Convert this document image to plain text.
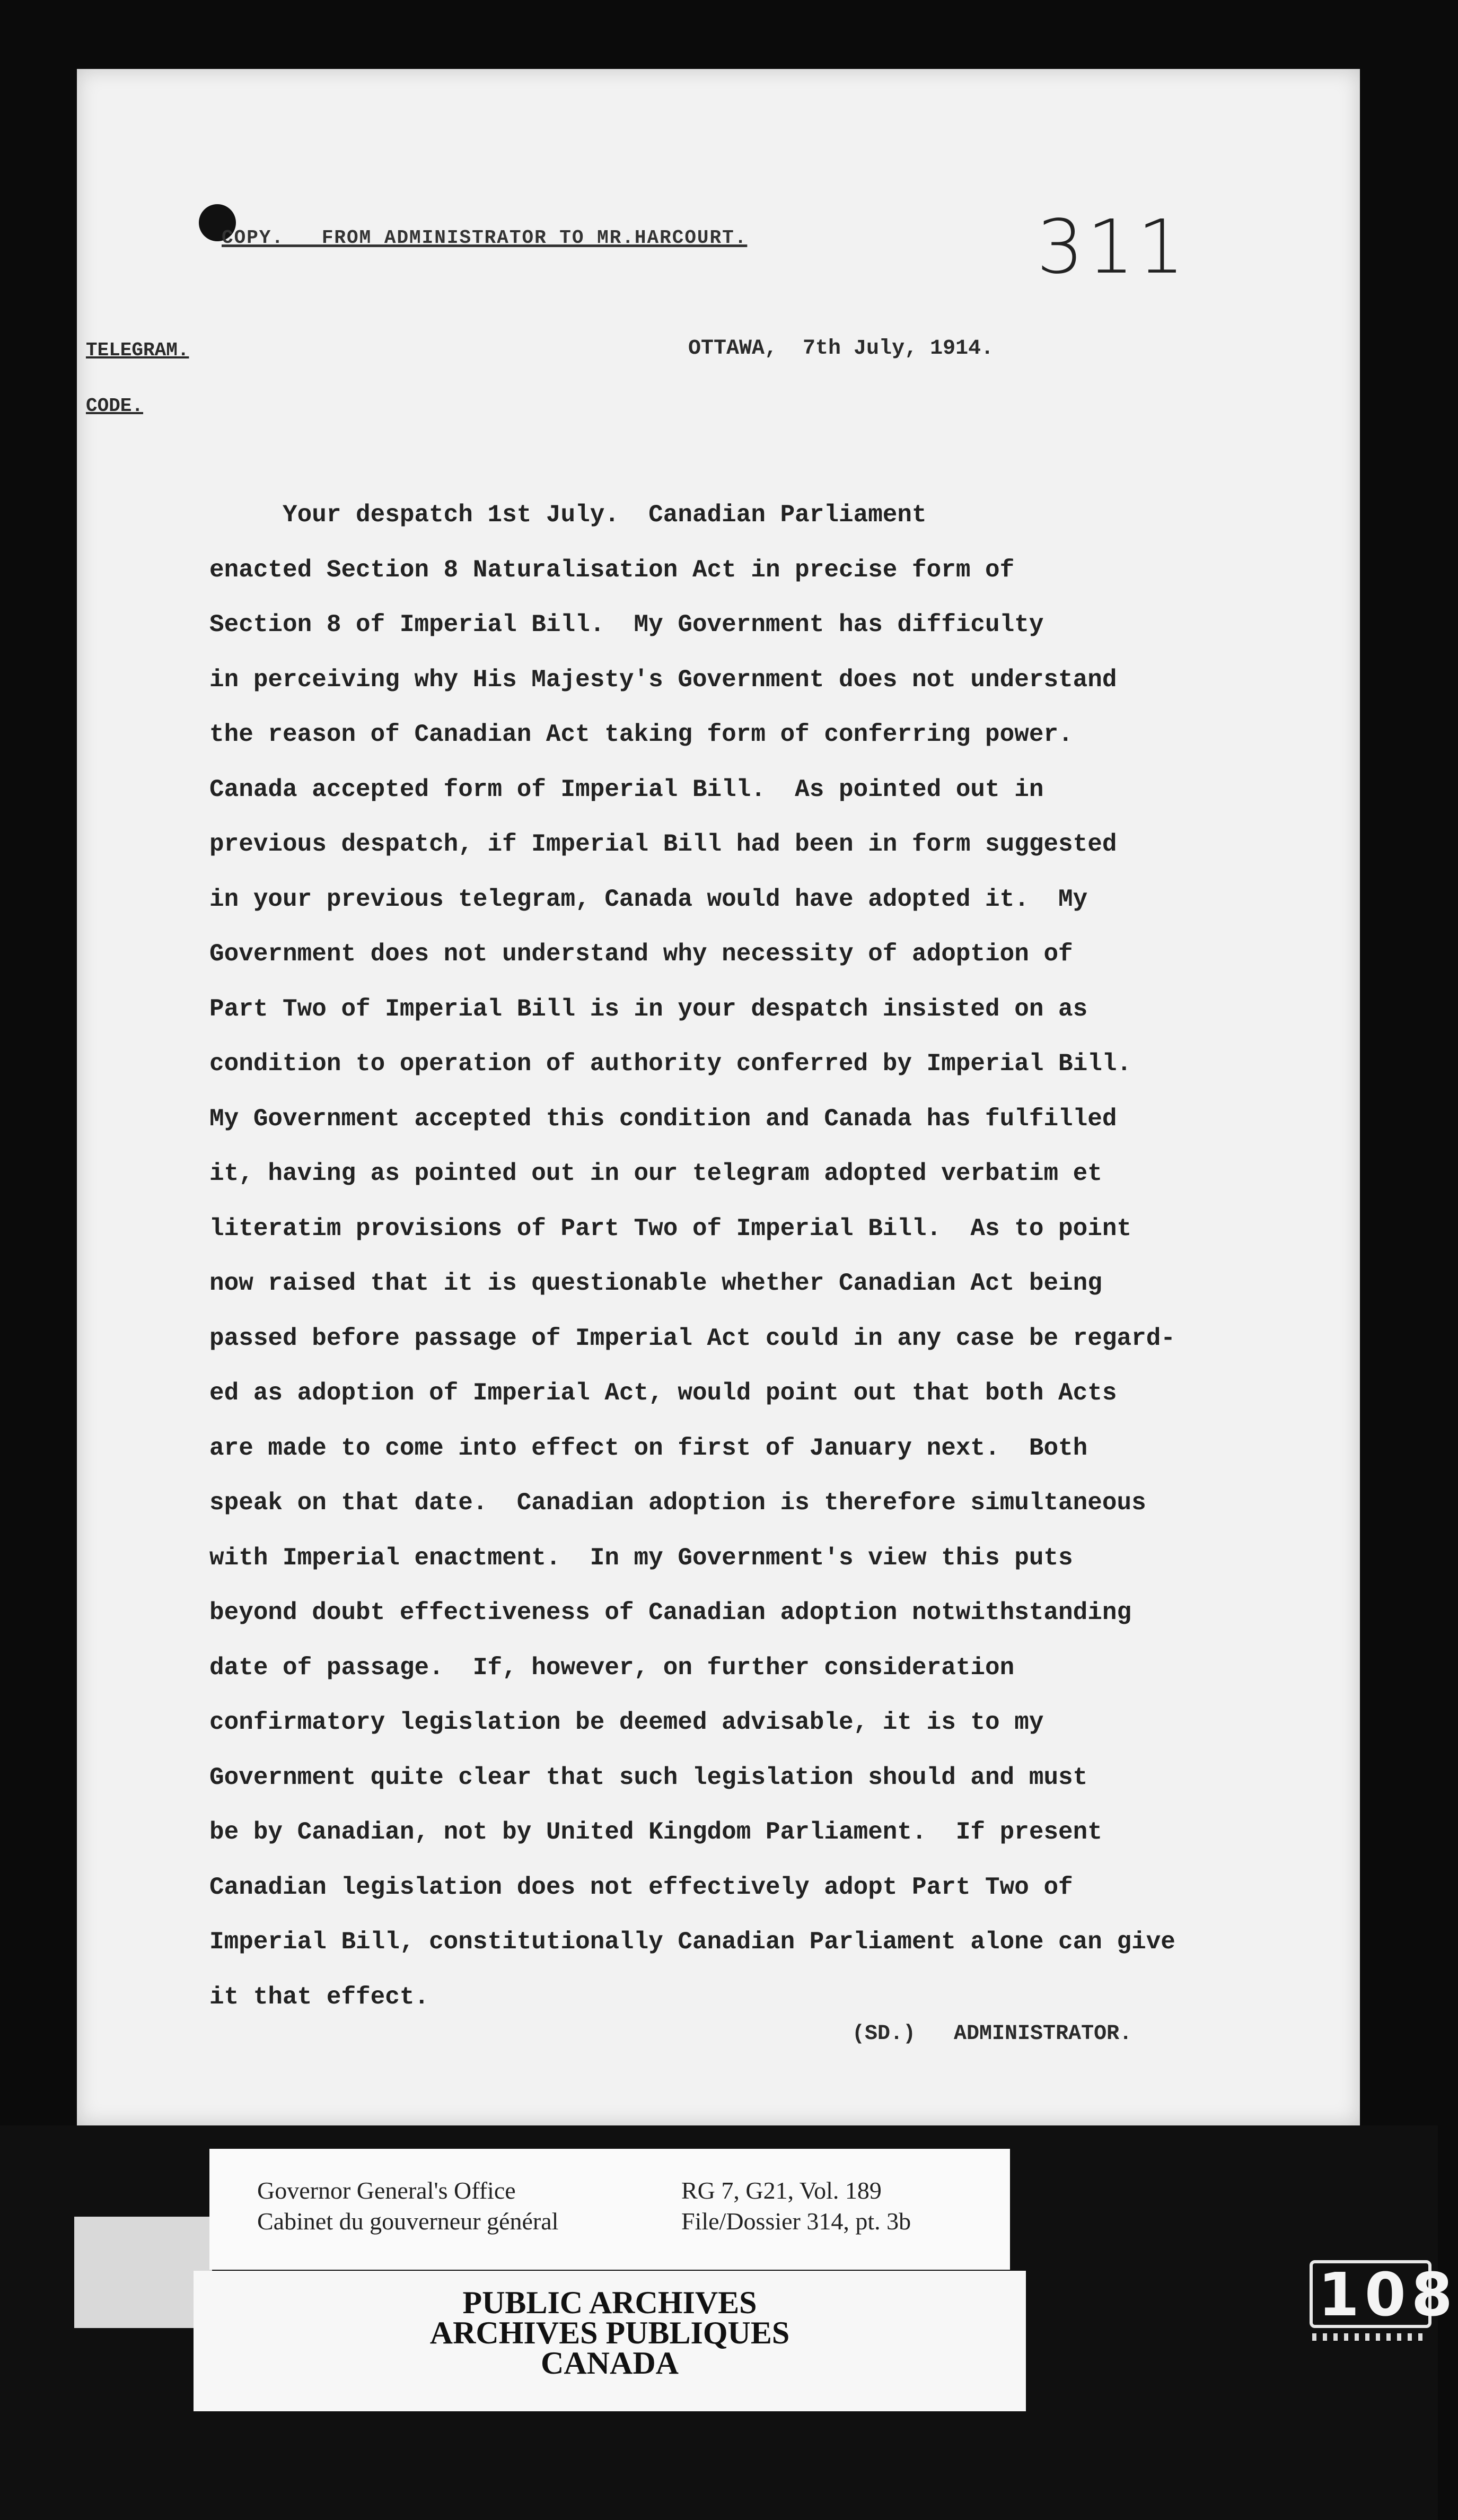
COPY.   FROM ADMINISTRATOR TO MR.HARCOURT.	311
TELEGRAM.
CODE.
OTTAWA,  7th July, 1914.
Your despatch 1st July.  Canadian Parliament
enacted Section 8 Naturalisation Act in precise form of
Section 8 of Imperial Bill.  My Government has difficulty
in perceiving why His Majesty's Government does not understand
the reason of Canadian Act taking form of conferring power.
Canada accepted form of Imperial Bill.  As pointed out in
previous despatch, if Imperial Bill had been in form suggested
in your previous telegram, Canada would have adopted it.  My
Government does not understand why necessity of adoption of
Part Two of Imperial Bill is in your despatch insisted on as
condition to operation of authority conferred by Imperial Bill.
My Government accepted this condition and Canada has fulfilled
it, having as pointed out in our telegram adopted verbatim et
literatim provisions of Part Two of Imperial Bill.  As to point
now raised that it is questionable whether Canadian Act being
passed before passage of Imperial Act could in any case be regard-
ed as adoption of Imperial Act, would point out that both Acts
are made to come into effect on first of January next.  Both
speak on that date.  Canadian adoption is therefore simultaneous
with Imperial enactment.  In my Government's view this puts
beyond doubt effectiveness of Canadian adoption notwithstanding
date of passage.  If, however, on further consideration
confirmatory legislation be deemed advisable, it is to my
Government quite clear that such legislation should and must
be by Canadian, not by United Kingdom Parliament.  If present
Canadian legislation does not effectively adopt Part Two of
Imperial Bill, constitutionally Canadian Parliament alone can give
it that effect.
(SD.)   ADMINISTRATOR.
Governor General's Office
Cabinet du gouverneur général
RG 7, G21, Vol. 189
File/Dossier 314, pt. 3b
PUBLIC ARCHIVES
ARCHIVES PUBLIQUES
CANADA
108
